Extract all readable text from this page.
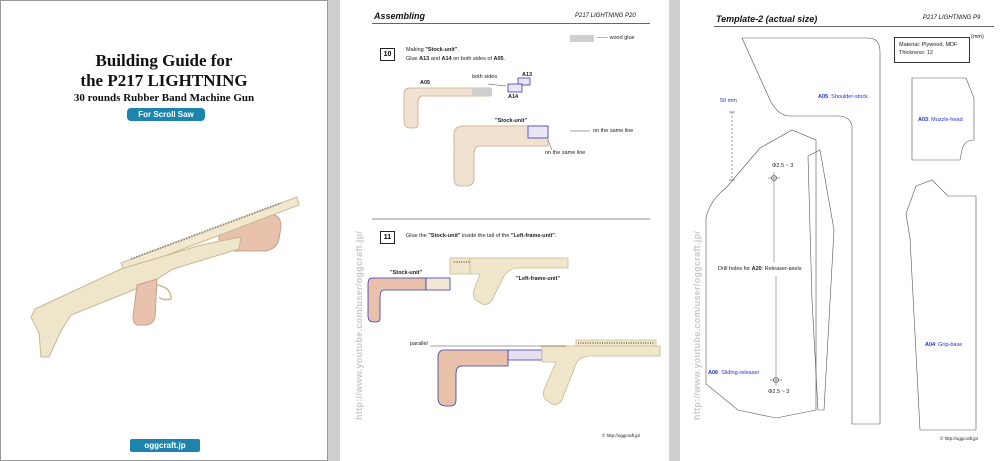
Building Guide for
the P217 LIGHTNING
30 rounds Rubber Band Machine Gun
For Scroll Saw
oggcraft.jp
Assembling	P217 LIGHTNING P20
http://www.youtube.com/user/oggcraft.jp/
------ wood glue
10
Making "Stock-unit".
Glue A13 and A14 on both sides of A05.
A05
both sides	A13
A14
"Stock-unit"
on the same line
on the same line
11	Glue the "Stock-unit" inside the tail of the "Left-frame-unit".
"Stock-unit"
"Left-frame-unit"
parallel
© http://oggcraft.jp/
Template-2 (actual size)	P217 LIGHTNING P9
http://www.youtube.com/user/oggcraft.jp/
(mm)
Material: Plywood, MDF
Thickness: 12
50 mm
A05: Shoulder-stock
A03: Muzzle-head
A04: Grip-base
A06: Sliding-releaser
Drill holes for A20: Releaser-axels
Φ2.5 ~ 3
Φ2.5 ~ 3
© http://oggcraft.jp/
